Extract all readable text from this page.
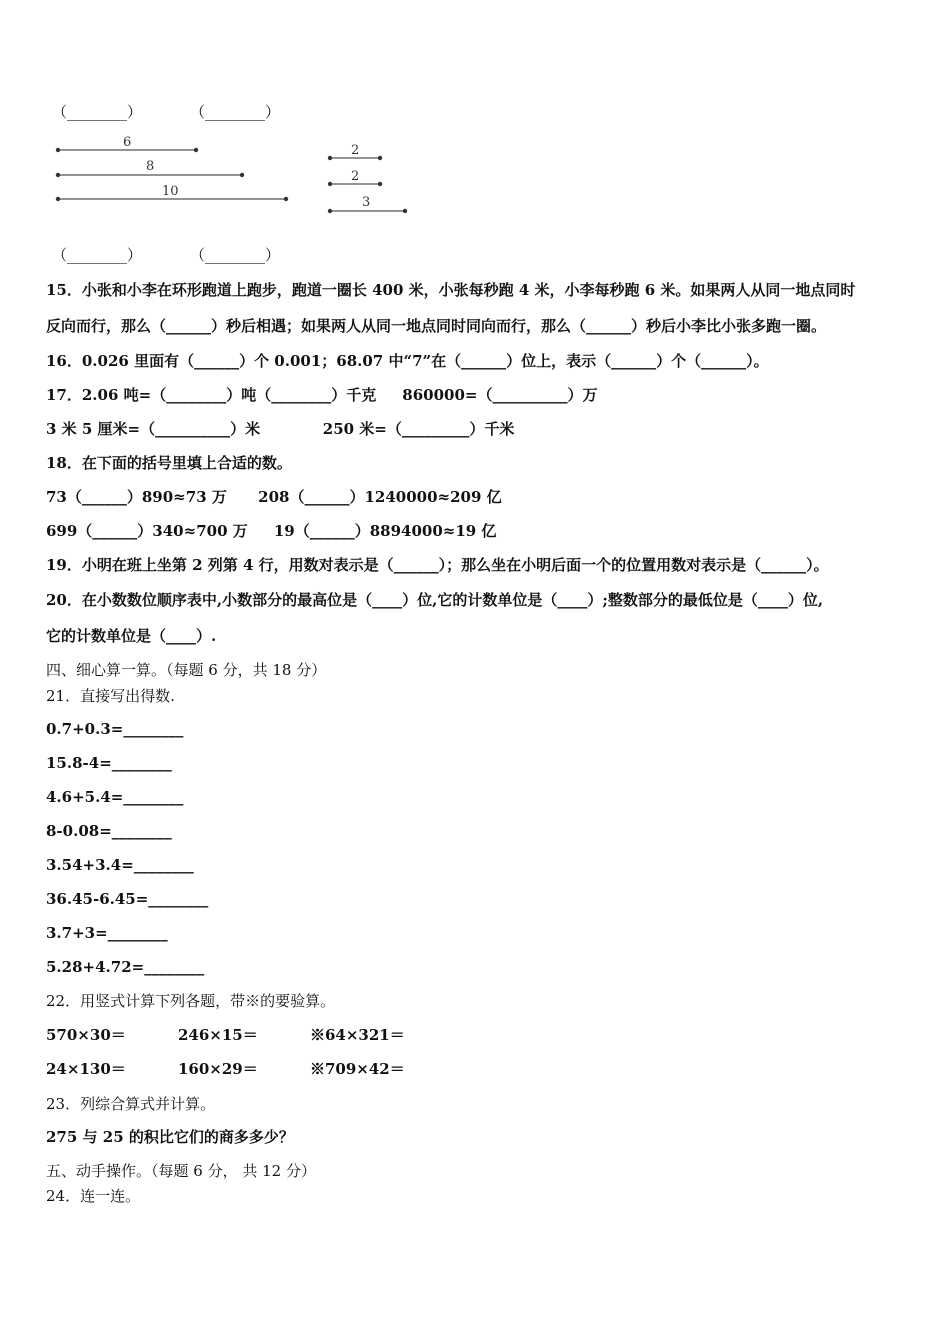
（________）	（________）
6
8
10
2
2
3
（________）	（________）
15．小张和小李在环形跑道上跑步，跑道一圈长 400 米，小张每秒跑 4 米，小李每秒跑 6 米。如果两人从同一地点同时
反向而行，那么（______）秒后相遇；如果两人从同一地点同时同向而行，那么（______）秒后小李比小张多跑一圈。
16．0.026 里面有（______）个 0.001；68.07 中“7”在（______）位上，表示（______）个（______）。
17．2.06 吨=（________）吨（________）千克     860000=（__________）万
3 米 5 厘米=（__________）米            250 米=（_________）千米
18．在下面的括号里填上合适的数。
73（______）890≈73 万      208（______）1240000≈209 亿
699（______）340≈700 万     19（______）8894000≈19 亿
19．小明在班上坐第 2 列第 4 行，用数对表示是（______）；那么坐在小明后面一个的位置用数对表示是（______）。
20．在小数数位顺序表中,小数部分的最高位是（____）位,它的计数单位是（____）;整数部分的最低位是（____）位,
它的计数单位是（____）.
四、细心算一算。（每题 6 分，共 18 分）
21．直接写出得数.
0.7+0.3=________
15.8-4=________
4.6+5.4=________
8-0.08=________
3.54+3.4=________
36.45-6.45=________
3.7+3=________
5.28+4.72=________
22．用竖式计算下列各题，带※的要验算。
570×30＝          246×15＝          ※64×321＝
24×130＝          160×29＝          ※709×42＝
23．列综合算式并计算。
275 与 25 的积比它们的商多多少？
五、动手操作。（每题 6 分， 共 12 分）
24．连一连。
